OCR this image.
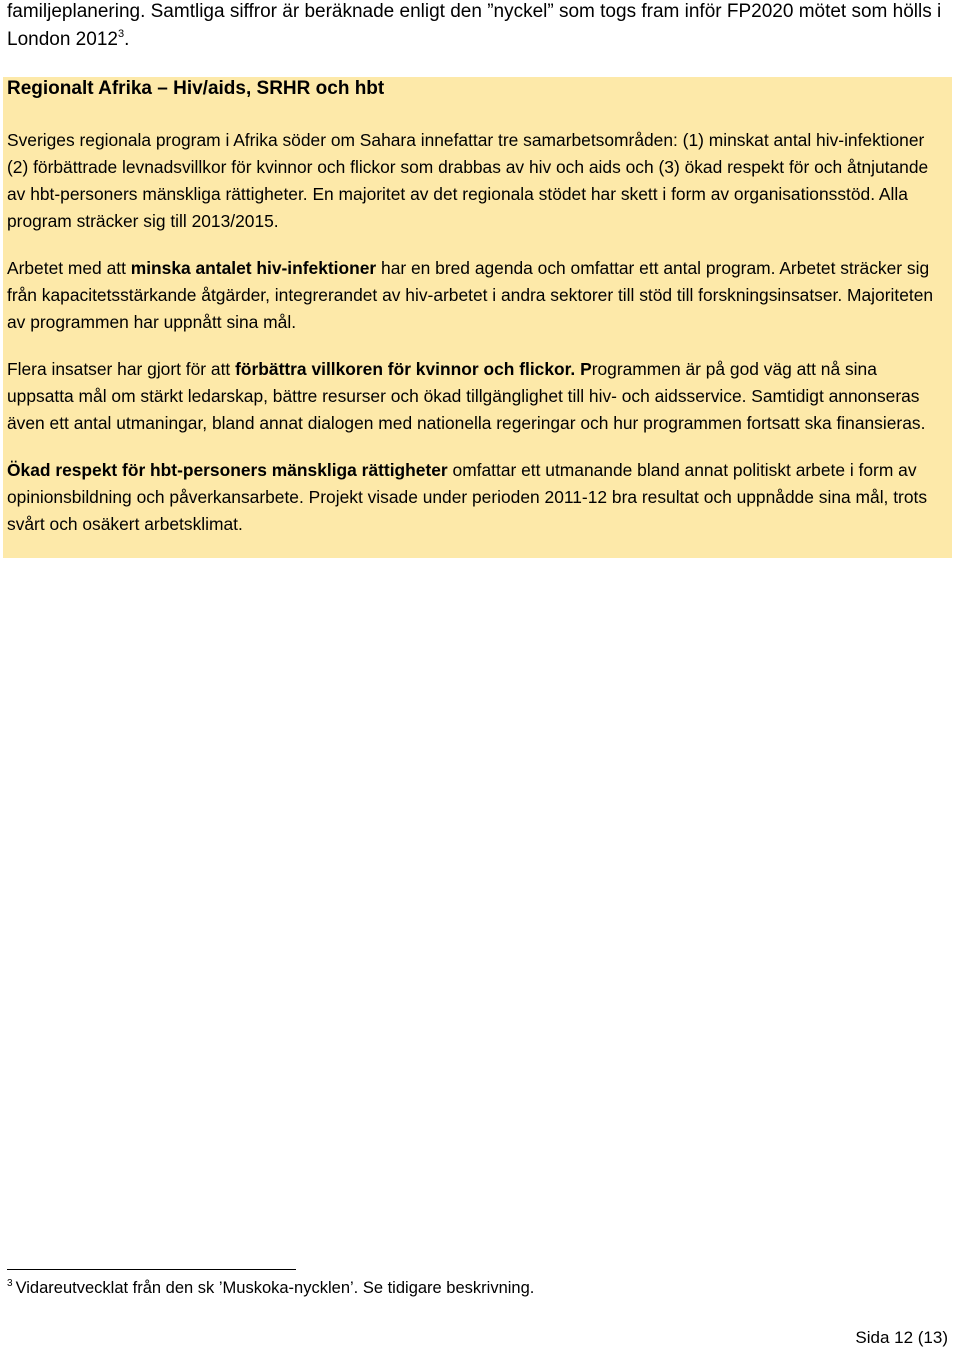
familjeplanering. Samtliga siffror är beräknade enligt den ”nyckel” som togs fram inför FP2020 mötet som hölls i London 2012$^3$.

Regionalt Afrika – Hiv/aids, SRHR och hbt

Sveriges regionala program i Afrika söder om Sahara innefattar tre samarbetsområden: (1) minskat antal hiv-infektioner (2) förbättrade levnadsvillkor för kvinnor och flickor som drabbas av hiv och aids och (3) ökad respekt för och åtnjutande av hbt-personers mänskliga rättigheter. En majoritet av det regionala stödet har skett i form av organisationsstöd. Alla program sträcker sig till 2013/2015.

Arbetet med att minska antalet hiv-infektioner har en bred agenda och omfattar ett antal program. Arbetet sträcker sig från kapacitetsstärkande åtgärder, integrerandet av hiv-arbetet i andra sektorer till stöd till forskningsinsatser. Majoriteten av programmen har uppnått sina mål.

Flera insatser har gjort för att förbättra villkoren för kvinnor och flickor. Programmen är på god väg att nå sina uppsatta mål om stärkt ledarskap, bättre resurser och ökad tillgänglighet till hiv- och aidsservice. Samtidigt annonseras även ett antal utmaningar, bland annat dialogen med nationella regeringar och hur programmen fortsatt ska finansieras.

Ökad respekt för hbt-personers mänskliga rättigheter omfattar ett utmanande bland annat politiskt arbete i form av opinionsbildning och påverkansarbete. Projekt visade under perioden 2011-12 bra resultat och uppnådde sina mål, trots svårt och osäkert arbetsklimat.

$^3$ Vidareutvecklat från den sk ’Muskoka-nycklen’. Se tidigare beskrivning.
Sida 12 (13)
